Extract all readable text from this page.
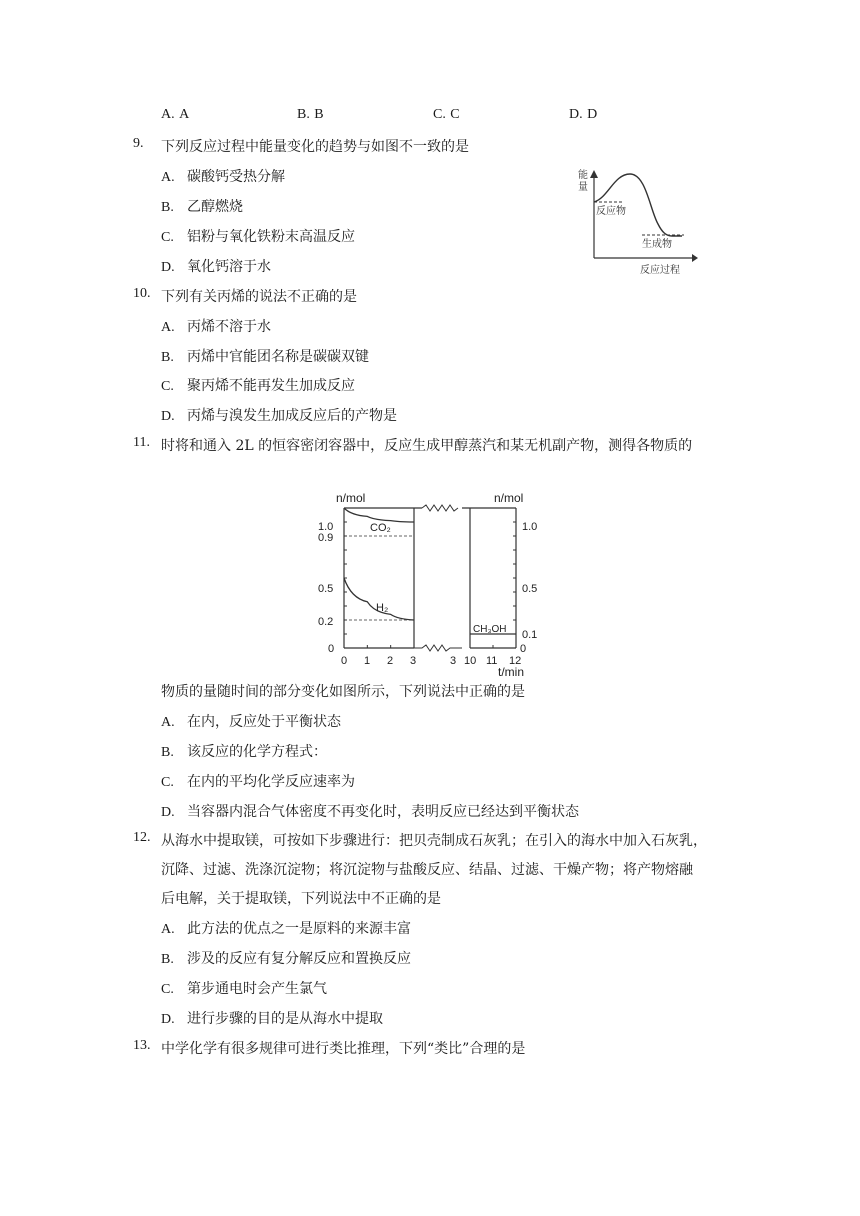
A. A	B. B	C. C	D. D
9. 下列反应过程中能量变化的趋势与如图不一致的是
A. 碳酸钙受热分解
B. 乙醇燃烧
C. 铝粉与氧化铁粉末高温反应
D. 氧化钙溶于水
能
量
反应物
生成物
反应过程
10. 下列有关丙烯的说法不正确的是
A. 丙烯不溶于水
B. 丙烯中官能团名称是碳碳双键
C. 聚丙烯不能再发生加成反应
D. 丙烯与溴发生加成反应后的产物是
11. 时将和通入 2L 的恒容密闭容器中，反应生成甲醇蒸汽和某无机副产物，测得各物质的
n/mol	n/mol
t/min
CO₂
H₂
CH₃OH
1.0
0.9
0.5
0.2
0
1.0
0.5
0.1
0
0 1 2 3	3 10 11 12
物质的量随时间的部分变化如图所示，下列说法中正确的是
A. 在内，反应处于平衡状态
B. 该反应的化学方程式：
C. 在内的平均化学反应速率为
D. 当容器内混合气体密度不再变化时，表明反应已经达到平衡状态
12. 从海水中提取镁，可按如下步骤进行：把贝壳制成石灰乳；在引入的海水中加入石灰乳，
沉降、过滤、洗涤沉淀物；将沉淀物与盐酸反应、结晶、过滤、干燥产物；将产物熔融
后电解，关于提取镁，下列说法中不正确的是
A. 此方法的优点之一是原料的来源丰富
B. 涉及的反应有复分解反应和置换反应
C. 第步通电时会产生氯气
D. 进行步骤的目的是从海水中提取
13. 中学化学有很多规律可进行类比推理，下列“类比”合理的是
